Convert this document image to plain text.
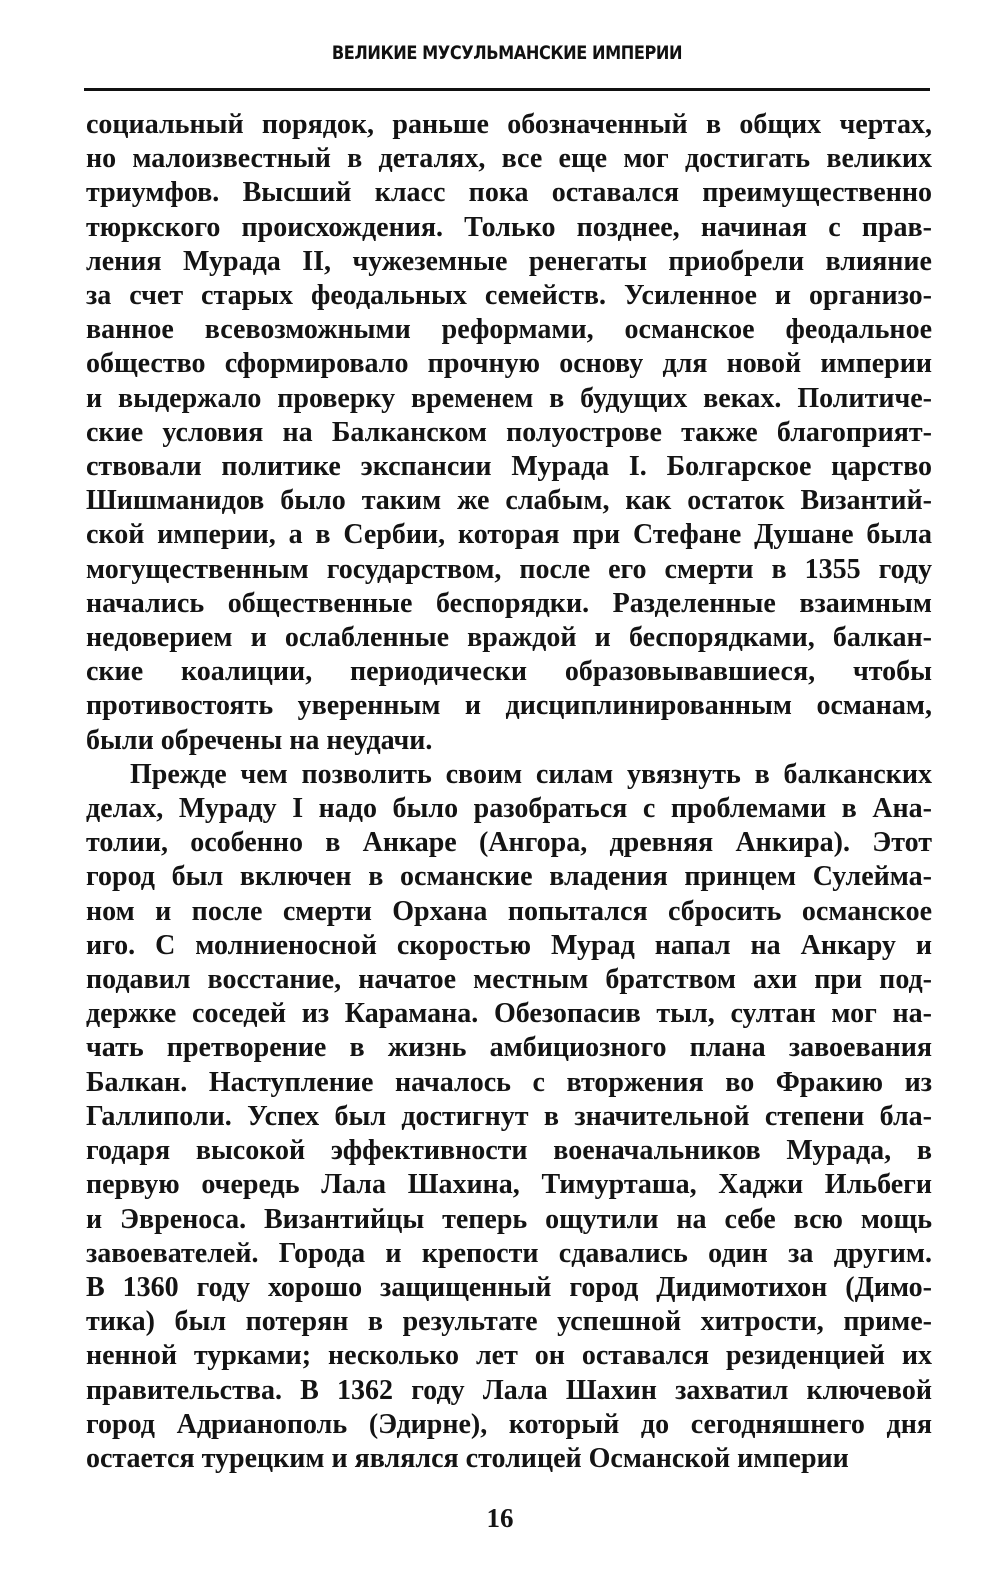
ВЕЛИКИЕ МУСУЛЬМАНСКИЕ ИМПЕРИИ

социальный порядок, раньше обозначенный в общих чертах,
но малоизвестный в деталях, все еще мог достигать великих
триумфов. Высший класс пока оставался преимущественно
тюркского происхождения. Только позднее, начиная с прав-
ления Мурада II, чужеземные ренегаты приобрели влияние
за счет старых феодальных семейств. Усиленное и организо-
ванное всевозможными реформами, османское феодальное
общество сформировало прочную основу для новой империи
и выдержало проверку временем в будущих веках. Политиче-
ские условия на Балканском полуострове также благоприят-
ствовали политике экспансии Мурада I. Болгарское царство
Шишманидов было таким же слабым, как остаток Византий-
ской империи, а в Сербии, которая при Стефане Душане была
могущественным государством, после его смерти в 1355 году
начались общественные беспорядки. Разделенные взаимным
недоверием и ослабленные враждой и беспорядками, балкан-
ские коалиции, периодически образовывавшиеся, чтобы
противостоять уверенным и дисциплинированным османам,
были обречены на неудачи.

Прежде чем позволить своим силам увязнуть в балканских
делах, Мураду I надо было разобраться с проблемами в Ана-
толии, особенно в Анкаре (Ангора, древняя Анкира). Этот
город был включен в османские владения принцем Сулейма-
ном и после смерти Орхана попытался сбросить османское
иго. С молниеносной скоростью Мурад напал на Анкару и
подавил восстание, начатое местным братством ахи при под-
держке соседей из Карамана. Обезопасив тыл, султан мог на-
чать претворение в жизнь амбициозного плана завоевания
Балкан. Наступление началось с вторжения во Фракию из
Галлиполи. Успех был достигнут в значительной степени бла-
годаря высокой эффективности военачальников Мурада, в
первую очередь Лала Шахина, Тимурташа, Хаджи Ильбеги
и Эвреноса. Византийцы теперь ощутили на себе всю мощь
завоевателей. Города и крепости сдавались один за другим.
В 1360 году хорошо защищенный город Дидимотихон (Димо-
тика) был потерян в результате успешной хитрости, приме-
ненной турками; несколько лет он оставался резиденцией их
правительства. В 1362 году Лала Шахин захватил ключевой
город Адрианополь (Эдирне), который до сегодняшнего дня
остается турецким и являлся столицей Османской империи

16
